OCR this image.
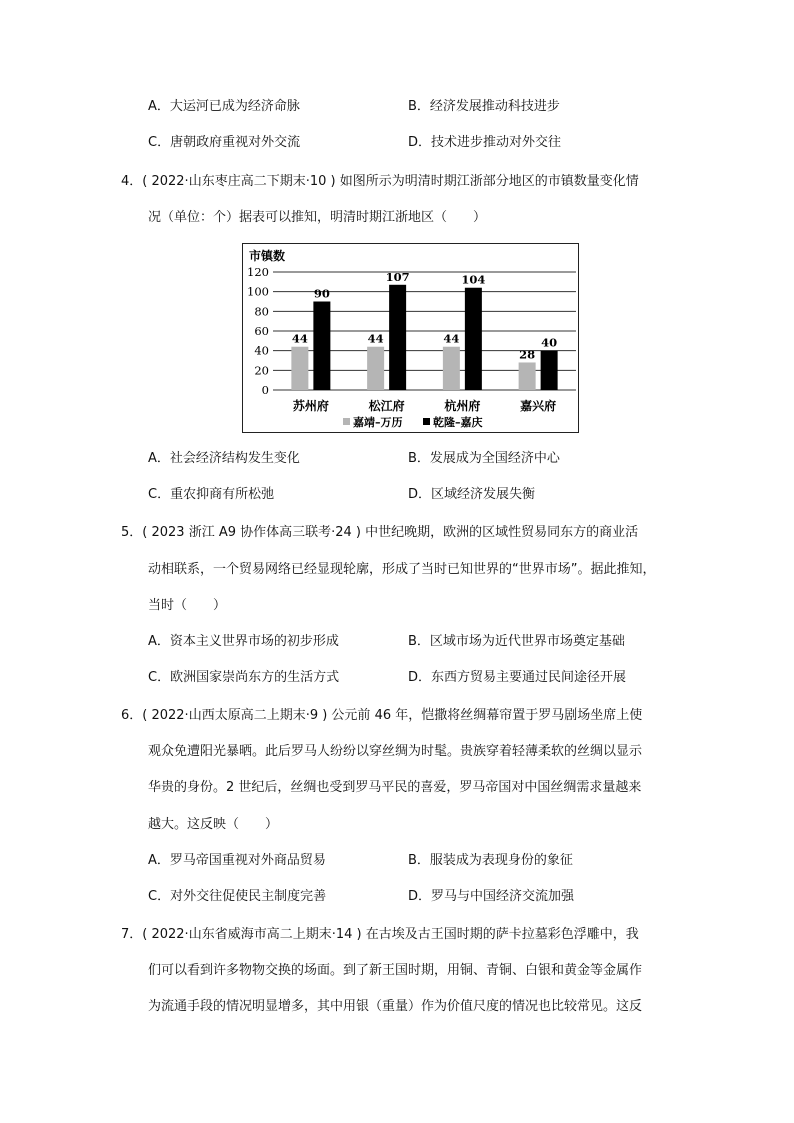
A．大运河已成为经济命脉	B．经济发展推动科技进步
C．唐朝政府重视对外交流	D．技术进步推动对外交往
4．( 2022·山东枣庄高二下期末·10 ) 如图所示为明清时期江浙部分地区的市镇数量变化情
况（单位：个）据表可以推知，明清时期江浙地区（　　）
市镇数
120
100
80
60
40
20
0
44
90
苏州府
44
107
松江府
44
104
杭州府
28
40
嘉兴府
嘉靖–万历	乾隆–嘉庆
A．社会经济结构发生变化	B．发展成为全国经济中心
C．重农抑商有所松弛	D．区域经济发展失衡
5．( 2023 浙江 A9 协作体高三联考·24 ) 中世纪晚期，欧洲的区域性贸易同东方的商业活
动相联系，一个贸易网络已经显现轮廓，形成了当时已知世界的“世界市场”。据此推知，
当时（　　）
A．资本主义世界市场的初步形成	B．区域市场为近代世界市场奠定基础
C．欧洲国家崇尚东方的生活方式	D．东西方贸易主要通过民间途径开展
6．( 2022·山西太原高二上期末·9 ) 公元前 46 年，恺撒将丝绸幕帘置于罗马剧场坐席上使
观众免遭阳光暴晒。此后罗马人纷纷以穿丝绸为时髦。贵族穿着轻薄柔软的丝绸以显示
华贵的身份。2 世纪后，丝绸也受到罗马平民的喜爱，罗马帝国对中国丝绸需求量越来
越大。这反映（　　）
A．罗马帝国重视对外商品贸易	B．服装成为表现身份的象征
C．对外交往促使民主制度完善	D．罗马与中国经济交流加强
7．( 2022·山东省威海市高二上期末·14 ) 在古埃及古王国时期的萨卡拉墓彩色浮雕中，我
们可以看到许多物物交换的场面。到了新王国时期，用铜、青铜、白银和黄金等金属作
为流通手段的情况明显增多，其中用银（重量）作为价值尺度的情况也比较常见。这反
